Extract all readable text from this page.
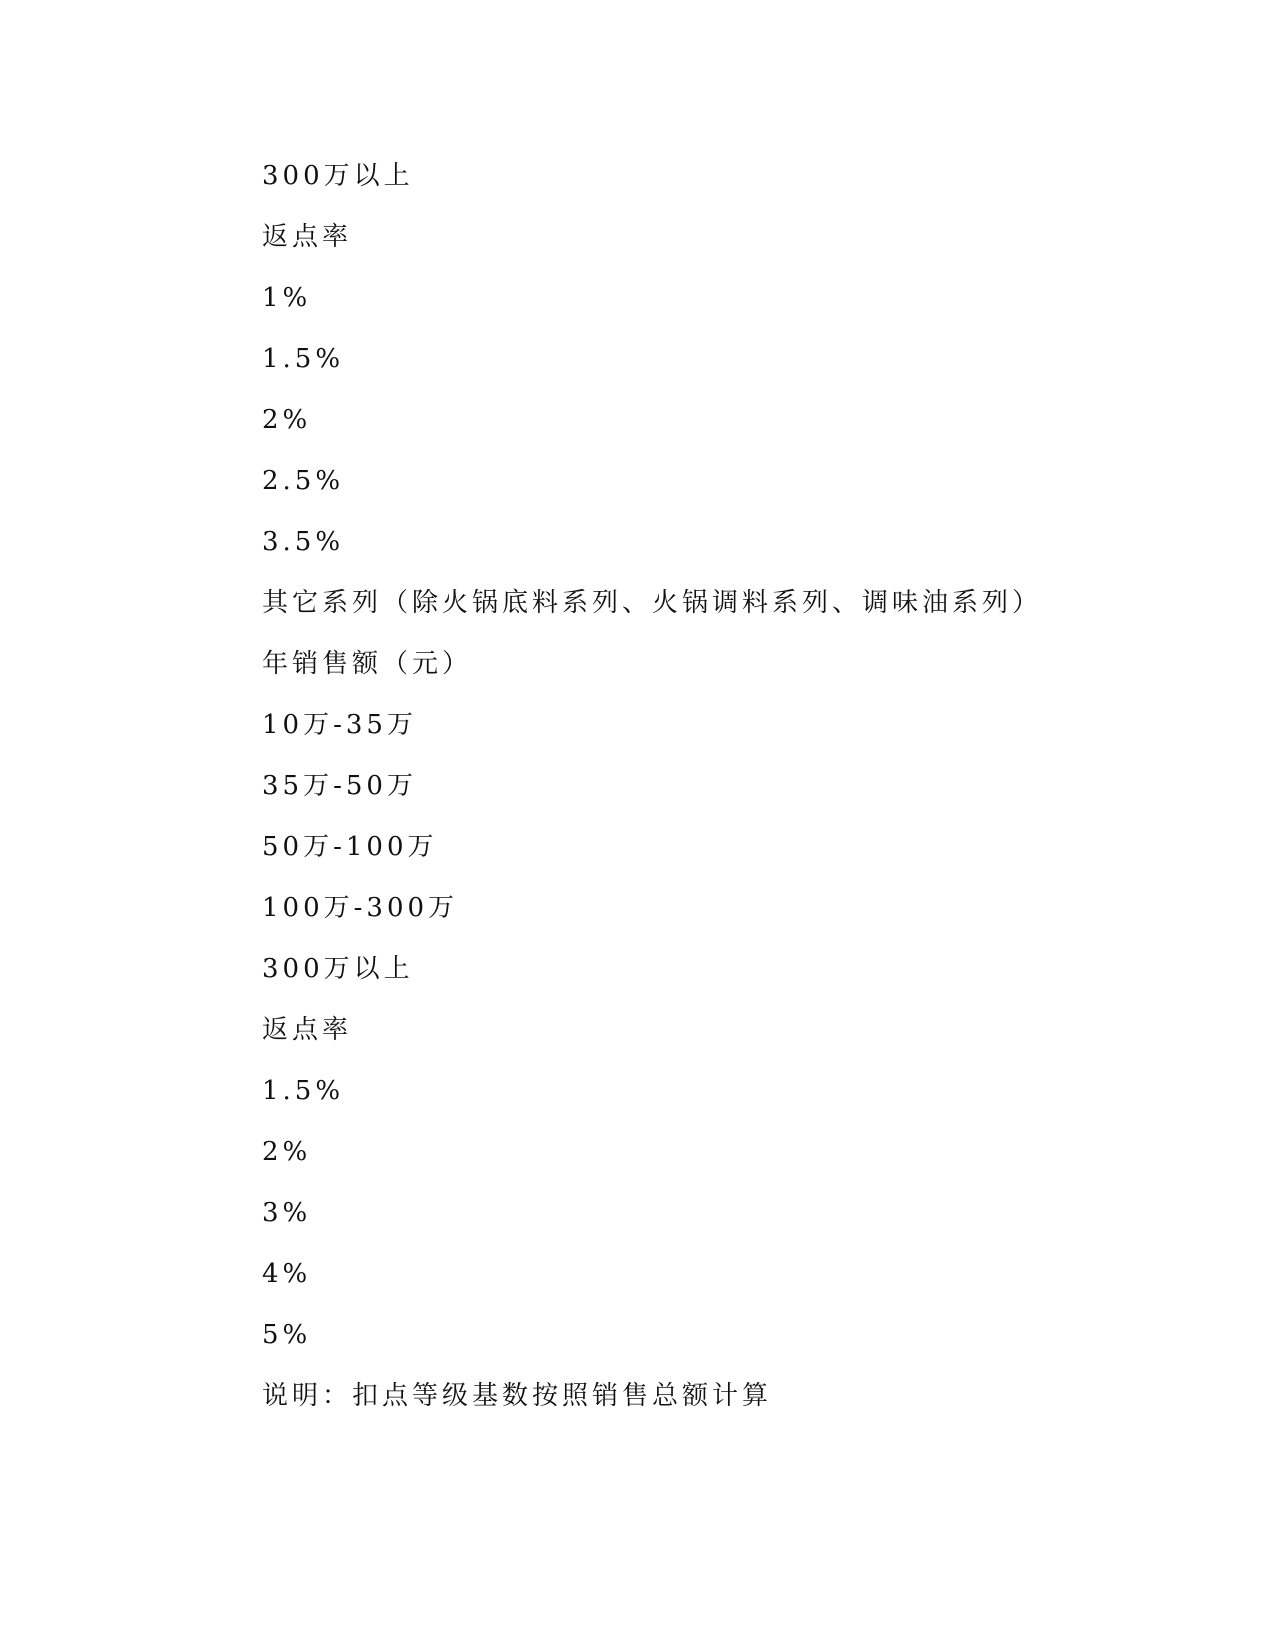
300万以上
返点率
1%
1.5%
2%
2.5%
3.5%
其它系列（除火锅底料系列、火锅调料系列、调味油系列）
年销售额（元）
10万-35万
35万-50万
50万-100万
100万-300万
300万以上
返点率
1.5%
2%
3%
4%
5%
说明：扣点等级基数按照销售总额计算
